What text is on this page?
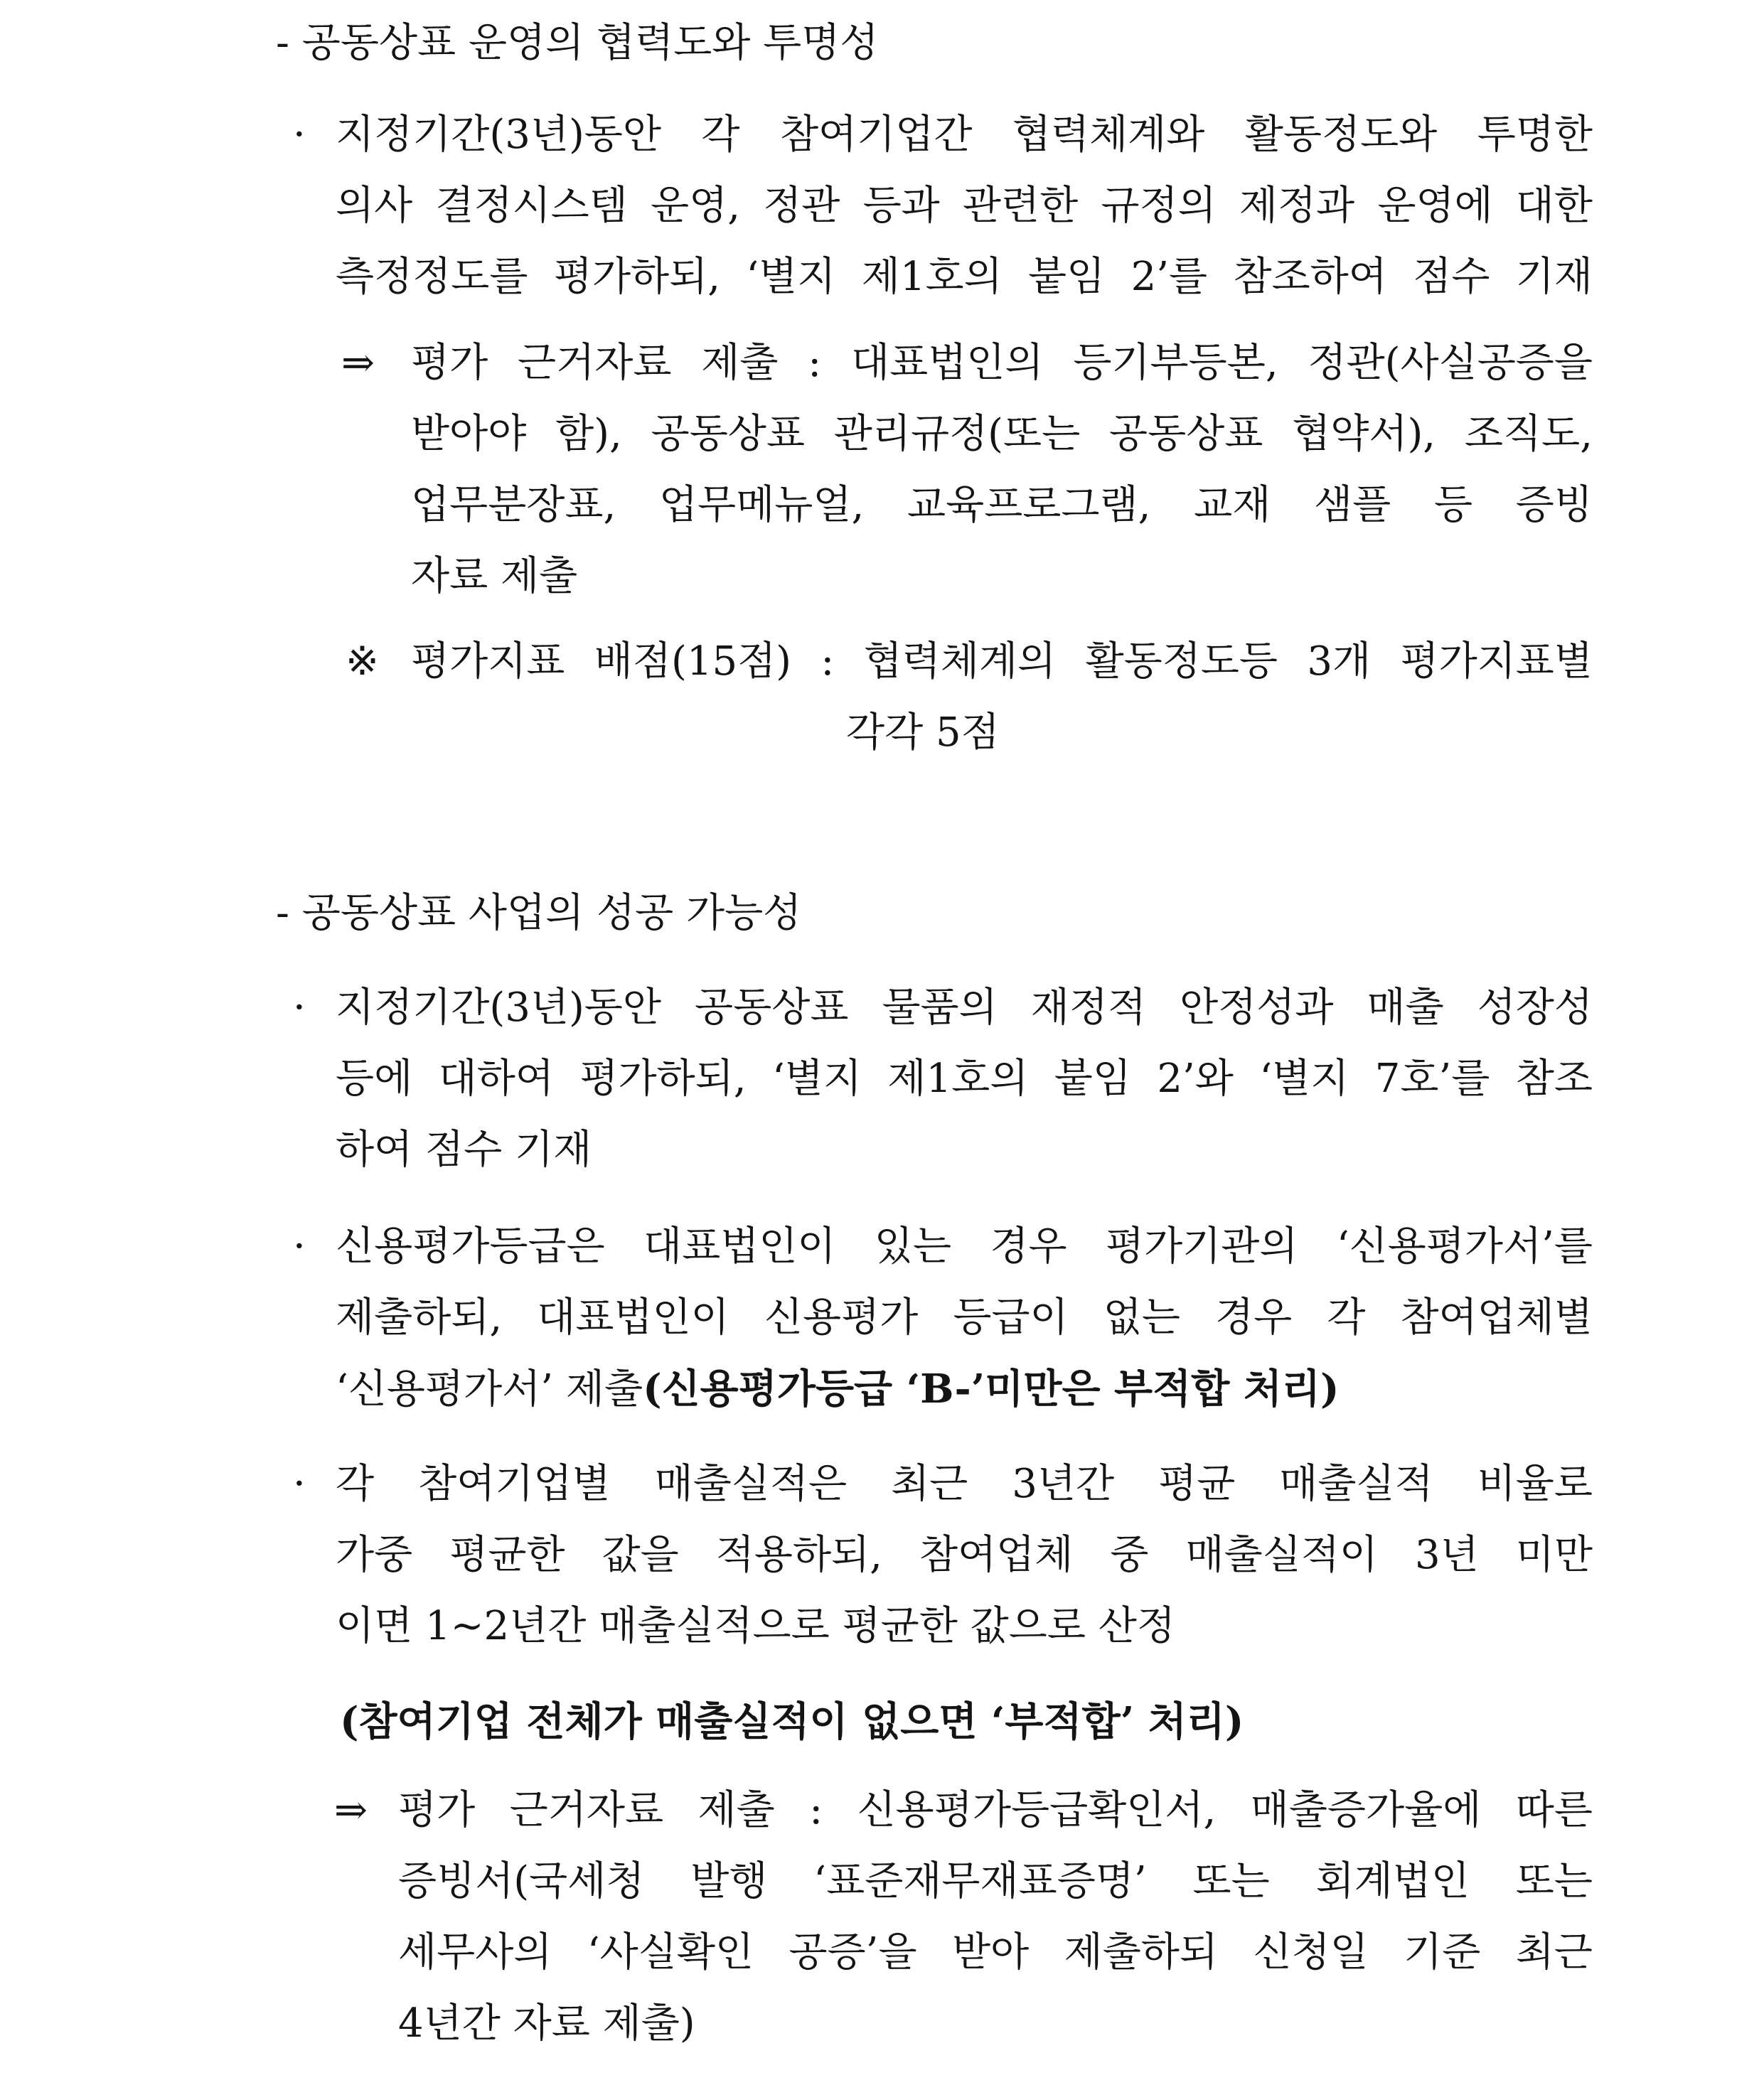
- 공동상표 운영의 협력도와 투명성
· 지정기간(3년)동안 각 참여기업간 협력체계와 활동정도와 투명한
의사 결정시스템 운영, 정관 등과 관련한 규정의 제정과 운영에 대한
측정정도를 평가하되, ‘별지 제1호의 붙임 2’를 참조하여 점수 기재
⇒ 평가 근거자료 제출 : 대표법인의 등기부등본, 정관(사실공증을
받아야 함), 공동상표 관리규정(또는 공동상표 협약서), 조직도,
업무분장표, 업무메뉴얼, 교육프로그램, 교재 샘플 등 증빙
자료 제출
※ 평가지표 배점(15점) : 협력체계의 활동정도등 3개 평가지표별
각각 5점
- 공동상표 사업의 성공 가능성
· 지정기간(3년)동안 공동상표 물품의 재정적 안정성과 매출 성장성
등에 대하여 평가하되, ‘별지 제1호의 붙임 2’와 ‘별지 7호’를 참조
하여 점수 기재
· 신용평가등급은 대표법인이 있는 경우 평가기관의 ‘신용평가서’를
제출하되, 대표법인이 신용평가 등급이 없는 경우 각 참여업체별
‘신용평가서’ 제출(신용평가등급 ‘B-’미만은 부적합 처리)
· 각 참여기업별 매출실적은 최근 3년간 평균 매출실적 비율로
가중 평균한 값을 적용하되, 참여업체 중 매출실적이 3년 미만
이면 1~2년간 매출실적으로 평균한 값으로 산정
(참여기업 전체가 매출실적이 없으면 ‘부적합’ 처리)
⇒ 평가 근거자료 제출 : 신용평가등급확인서, 매출증가율에 따른
증빙서(국세청 발행 ‘표준재무재표증명’ 또는 회계법인 또는
세무사의 ‘사실확인 공증’을 받아 제출하되 신청일 기준 최근
4년간 자료 제출)
